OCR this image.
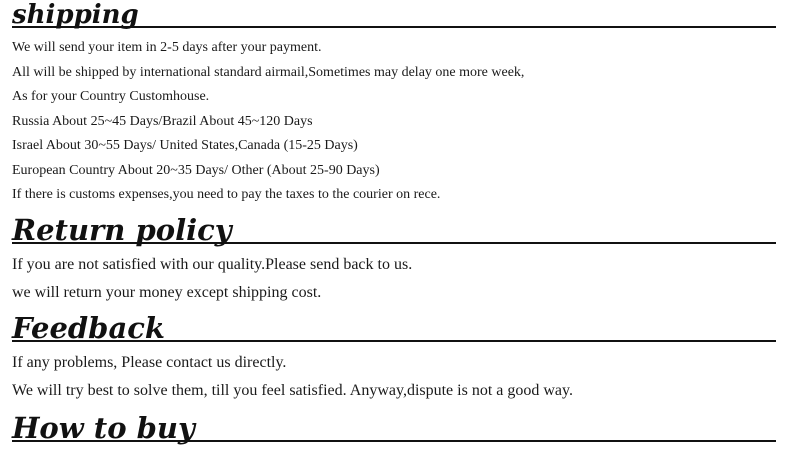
shipping

We will send your item in 2-5 days after your payment.

All will be shipped by international standard airmail,Sometimes may delay one more week,

As for your Country Customhouse.

Russia About 25~45 Days/Brazil About 45~120 Days

Israel About 30~55 Days/ United States,Canada (15-25 Days)

European Country About 20~35 Days/ Other (About 25-90 Days)

If there is customs expenses,you need to pay the taxes to the courier on rece.

Return policy

If you are not satisfied with our quality.Please send back to us.

we will return your money except shipping cost.

Feedback

If any problems, Please contact us directly.

We will try best to solve them, till you feel satisfied. Anyway,dispute is not a good way.

How to buy
